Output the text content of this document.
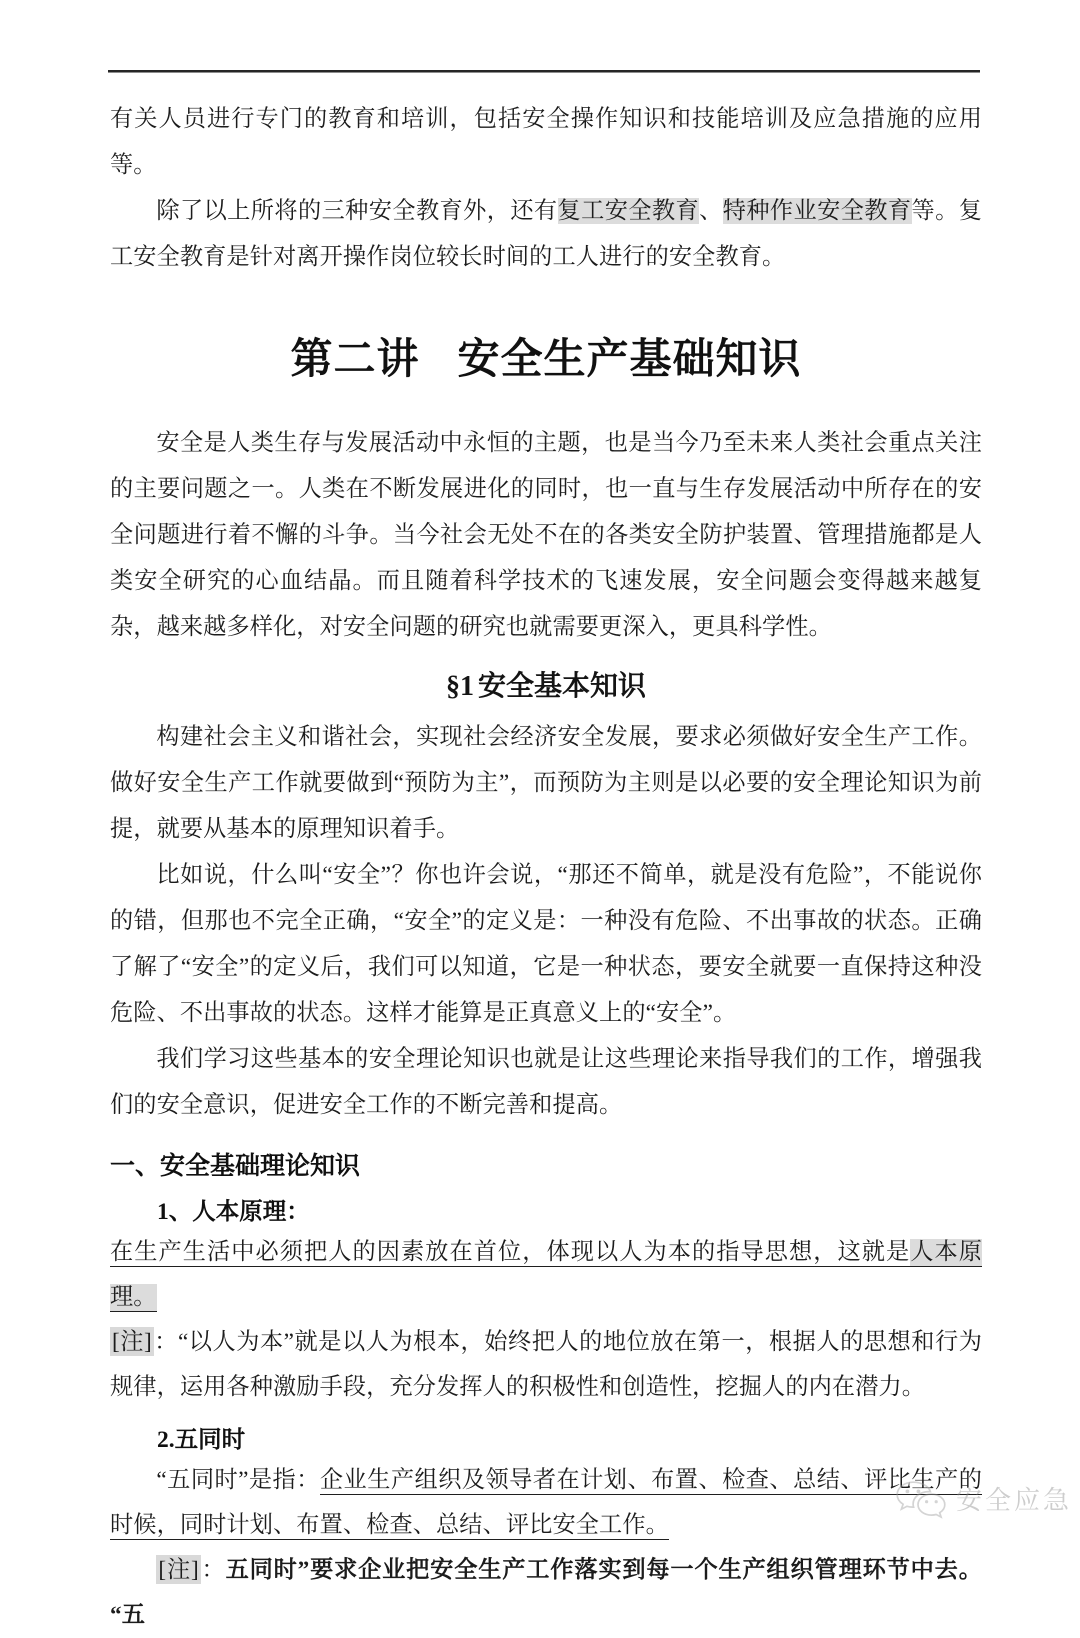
有关人员进行专门的教育和培训，包括安全操作知识和技能培训及应急措施的应用等。

除了以上所将的三种安全教育外，还有复工安全教育、特种作业安全教育等。复工安全教育是针对离开操作岗位较长时间的工人进行的安全教育。

第二讲 安全生产基础知识

安全是人类生存与发展活动中永恒的主题，也是当今乃至未来人类社会重点关注的主要问题之一。人类在不断发展进化的同时，也一直与生存发展活动中所存在的安全问题进行着不懈的斗争。当今社会无处不在的各类安全防护装置、管理措施都是人类安全研究的心血结晶。而且随着科学技术的飞速发展，安全问题会变得越来越复杂，越来越多样化，对安全问题的研究也就需要更深入，更具科学性。

§1 安全基本知识

构建社会主义和谐社会，实现社会经济安全发展，要求必须做好安全生产工作。做好安全生产工作就要做到“预防为主”，而预防为主则是以必要的安全理论知识为前提，就要从基本的原理知识着手。

比如说，什么叫“安全”？你也许会说，“那还不简单，就是没有危险”，不能说你的错，但那也不完全正确，“安全”的定义是：一种没有危险、不出事故的状态。正确了解了“安全”的定义后，我们可以知道，它是一种状态，要安全就要一直保持这种没危险、不出事故的状态。这样才能算是正真意义上的“安全”。

我们学习这些基本的安全理论知识也就是让这些理论来指导我们的工作，增强我们的安全意识，促进安全工作的不断完善和提高。

一、安全基础理论知识
1、人本原理：

在生产生活中必须把人的因素放在首位，体现以人为本的指导思想，这就是人本原理。

[注]：“以人为本”就是以人为根本，始终把人的地位放在第一，根据人的思想和行为规律，运用各种激励手段，充分发挥人的积极性和创造性，挖掘人的内在潜力。

2.五同时

“五同时”是指：企业生产组织及领导者在计划、布置、检查、总结、评比生产的时候，同时计划、布置、检查、总结、评比安全工作。

[注]：五同时”要求企业把安全生产工作落实到每一个生产组织管理环节中去。“五

安全应急
